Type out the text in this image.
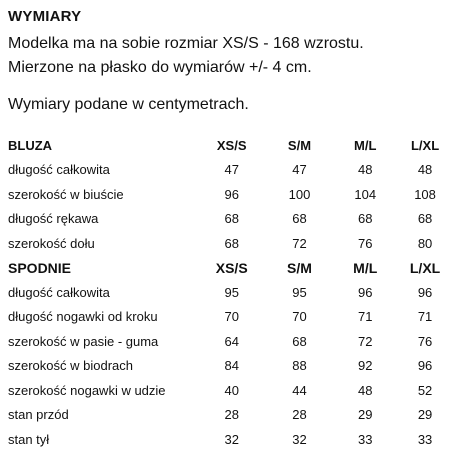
WYMIARY
Modelka ma na sobie rozmiar XS/S - 168 wzrostu.
Mierzone na płasko do wymiarów +/- 4 cm.
Wymiary podane w centymetrach.
BLUZA	XS/S	S/M	M/L	L/XL
długość całkowita	47	47	48	48
szerokość w biuście	96	100	104	108
długość rękawa	68	68	68	68
szerokość dołu	68	72	76	80
SPODNIE	XS/S	S/M	M/L	L/XL
długość całkowita	95	95	96	96
długość nogawki od kroku	70	70	71	71
szerokość w pasie - guma	64	68	72	76
szerokość w biodrach	84	88	92	96
szerokość nogawki w udzie	40	44	48	52
stan przód	28	28	29	29
stan tył	32	32	33	33
